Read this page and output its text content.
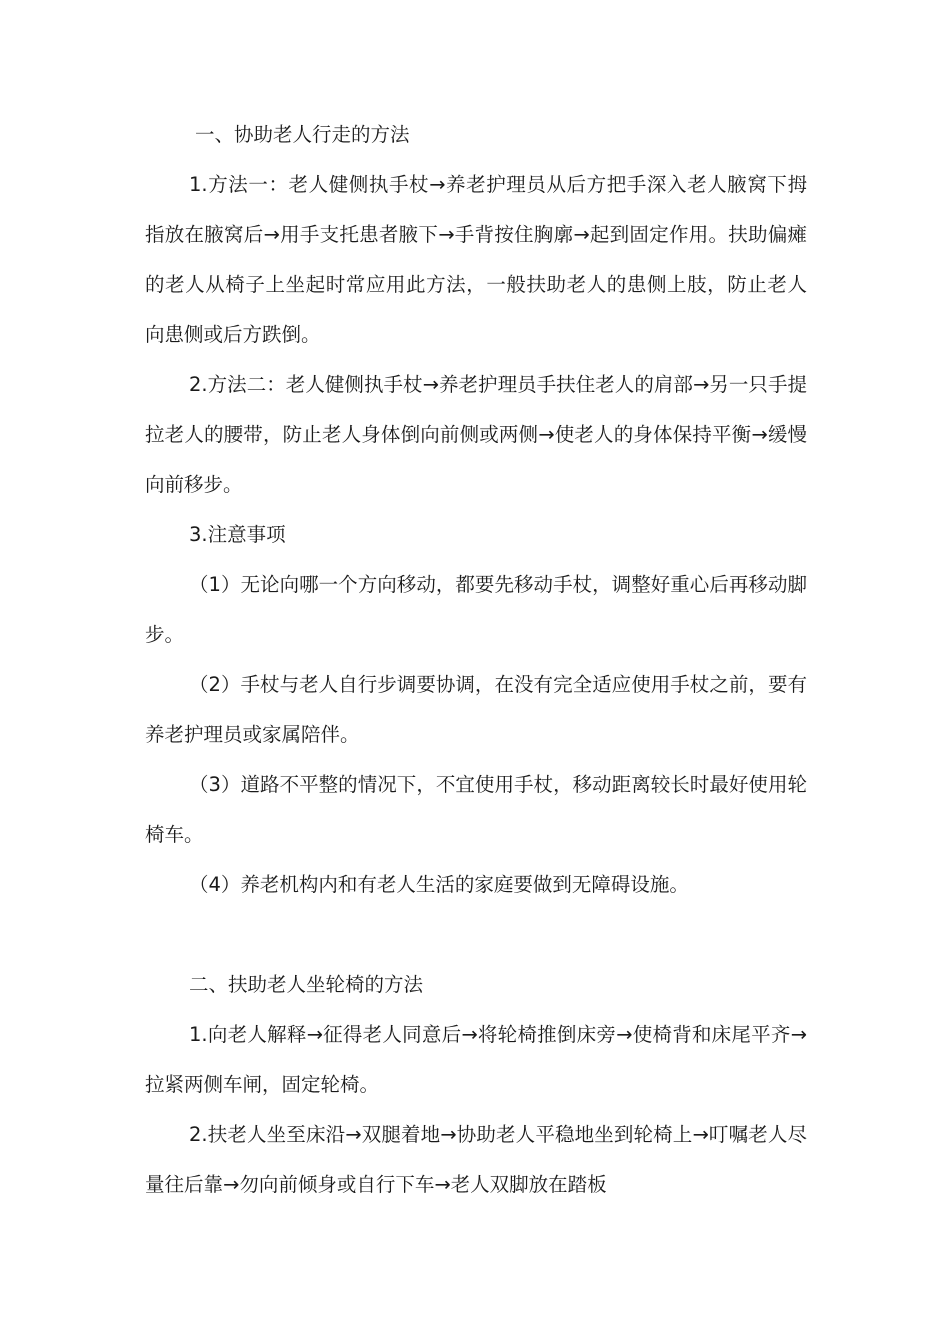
一、协助老人行走的方法

1.方法一：老人健侧执手杖→养老护理员从后方把手深入老人腋窝下拇指放在腋窝后→用手支托患者腋下→手背按住胸廓→起到固定作用。扶助偏瘫的老人从椅子上坐起时常应用此方法，一般扶助老人的患侧上肢，防止老人向患侧或后方跌倒。

2.方法二：老人健侧执手杖→养老护理员手扶住老人的肩部→另一只手提拉老人的腰带，防止老人身体倒向前侧或两侧→使老人的身体保持平衡→缓慢向前移步。

3.注意事项

（1）无论向哪一个方向移动，都要先移动手杖，调整好重心后再移动脚步。

（2）手杖与老人自行步调要协调，在没有完全适应使用手杖之前，要有养老护理员或家属陪伴。

（3）道路不平整的情况下，不宜使用手杖，移动距离较长时最好使用轮椅车。

（4）养老机构内和有老人生活的家庭要做到无障碍设施。

二、扶助老人坐轮椅的方法

1.向老人解释→征得老人同意后→将轮椅推倒床旁→使椅背和床尾平齐→拉紧两侧车闸，固定轮椅。

2.扶老人坐至床沿→双腿着地→协助老人平稳地坐到轮椅上→叮嘱老人尽量往后靠→勿向前倾身或自行下车→老人双脚放在踏板
